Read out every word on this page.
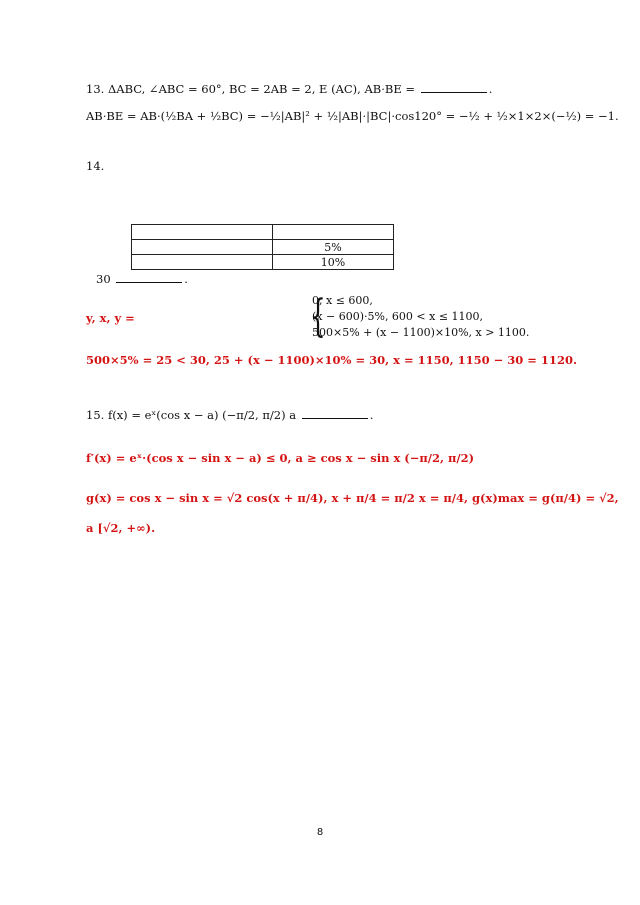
13. ΔABC, ∠ABC = 60°, BC = 2AB = 2, E (AC), AB·BE =	.
AB·BE = AB·(½BA + ½BC) = −½|AB|² + ½|AB|·|BC|·cos120° = −½ + ½×1×2×(−½) = −1.
14.

	5%
	10%
30	.
y, x, y =	{
0, x ≤ 600,
(x − 600)·5%, 600 < x ≤ 1100,
500×5% + (x − 1100)×10%, x > 1100.
500×5% = 25 < 30, 25 + (x − 1100)×10% = 30, x = 1150, 1150 − 30 = 1120.
15. f(x) = eˣ(cos x − a) (−π/2, π/2) a	.
f′(x) = eˣ·(cos x − sin x − a) ≤ 0, a ≥ cos x − sin x (−π/2, π/2)
g(x) = cos x − sin x = √2 cos(x + π/4), x + π/4 = π/2 x = π/4, g(x)max = g(π/4) = √2,
a [√2, +∞).
8
